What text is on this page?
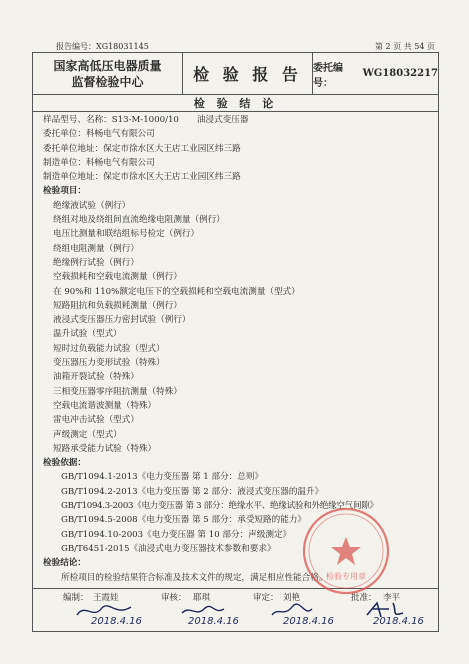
报告编号：XG18031145	第 2 页 共 54 页
国家高低压电器质量
监督检验中心	检 验 报 告	委托编号：
WG18032217
检 验 结 论
样品型号、名称：S13-M-1000/10 油浸式变压器
委托单位：科畅电气有限公司
委托单位地址：保定市徐水区大王店工业园区纬三路
制造单位：科畅电气有限公司
制造单位地址：保定市徐水区大王店工业园区纬三路
检验项目：
绝缘液试验（例行）
绕组对地及绕组间直流绝缘电阻测量（例行）
电压比测量和联结组标号检定（例行）
绕组电阻测量（例行）
绝缘例行试验（例行）
空载损耗和空载电流测量（例行）
在 90%和 110%额定电压下的空载损耗和空载电流测量（型式）
短路阻抗和负载损耗测量（例行）
液浸式变压器压力密封试验（例行）
温升试验（型式）
短时过负载能力试验（型式）
变压器压力变形试验（特殊）
油箱开裂试验（特殊）
三相变压器零序阻抗测量（特殊）
空载电流谐波测量（特殊）
雷电冲击试验（型式）
声级测定（型式）
短路承受能力试验（特殊）
检验依据：
GB/T1094.1-2013《电力变压器 第 1 部分：总则》
GB/T1094.2-2013《电力变压器 第 2 部分：液浸式变压器的温升》
GB/T1094.3-2003《电力变压器 第 3 部分：绝缘水平、绝缘试验和外绝缘空气间隙》
GB/T1094.5-2008《电力变压器 第 5 部分：承受短路的能力》
GB/T1094.10-2003《电力变压器 第 10 部分：声级测定》
GB/T6451-2015《油浸式电力变压器技术参数和要求》
检验结论：
所检项目的检验结果符合标准及技术文件的规定，满足相应性能合格。
编制： 王霞娃	审核： 耶琪	审定： 刘艳	批准： 李平
2018.4.16	2018.4.16	2018.4.16	2018.4.16
检验专用章
